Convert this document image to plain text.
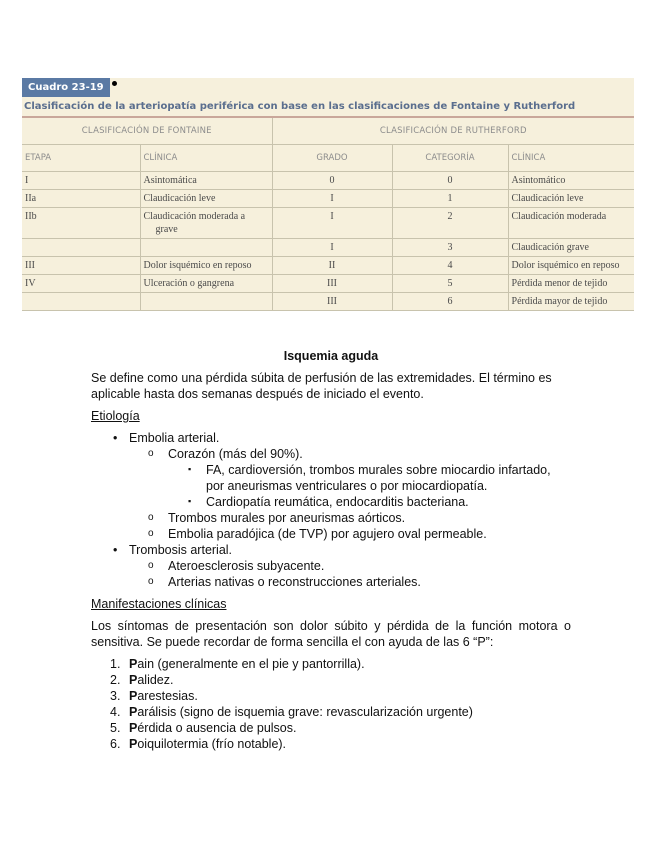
Cuadro 23-19
Clasificación de la arteriopatía periférica con base en las clasificaciones de Fontaine y Rutherford
CLASIFICACIÓN DE FONTAINE		CLASIFICACIÓN DE RUTHERFORD		
ETAPA	CLÍNICA	GRADO	CATEGORÍA	CLÍNICA
I	Asintomática	0	0	Asintomático
IIa	Claudicación leve	I	1	Claudicación leve
IIb	Claudicación moderada a grave	I	2	Claudicación moderada
		I	3	Claudicación grave
III	Dolor isquémico en reposo	II	4	Dolor isquémico en reposo

IV	Ulceración o gangrena	III	5	Pérdida menor de tejido
		III	6	Pérdida mayor de tejido
Isquemia aguda

Se define como una pérdida súbita de perfusión de las extremidades. El término es aplicable hasta dos semanas después de iniciado el evento.

Etiología
• Embolia arterial.
o Corazón (más del 90%).
▪ FA, cardioversión, trombos murales sobre miocardio infartado, por aneurismas ventriculares o por miocardiopatía.
▪ Cardiopatía reumática, endocarditis bacteriana.
o Trombos murales por aneurismas aórticos.
o Embolia paradójica (de TVP) por agujero oval permeable.
• Trombosis arterial.
o Ateroesclerosis subyacente.
o Arterias nativas o reconstrucciones arteriales.
Manifestaciones clínicas

Los síntomas de presentación son dolor súbito y pérdida de la función motora o sensitiva. Se puede recordar de forma sencilla el con ayuda de las 6 “P”:

1. Pain (generalmente en el pie y pantorrilla).
2. Palidez.
3. Parestesias.
4. Parálisis (signo de isquemia grave: revascularización urgente)
5. Pérdida o ausencia de pulsos.
6. Poiquilotermia (frío notable).
